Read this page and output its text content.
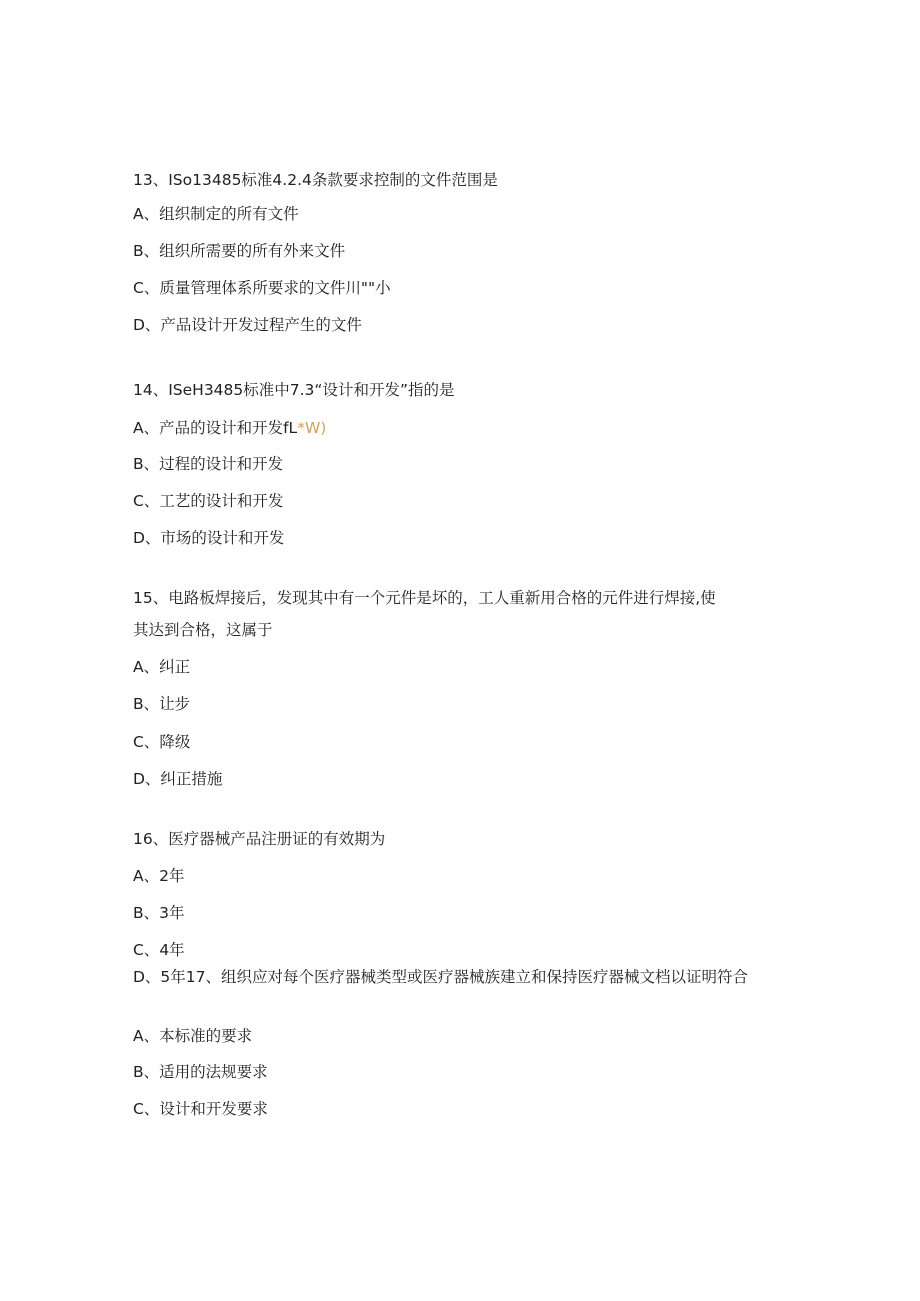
13、ISo13485标准4.2.4条款要求控制的文件范围是
A、组织制定的所有文件
B、组织所需要的所有外来文件
C、质量管理体系所要求的文件川""小
D、产品设计开发过程产生的文件
14、ISeH3485标准中7.3“设计和开发”指的是
A、产品的设计和开发fL*W)
B、过程的设计和开发
C、工艺的设计和开发
D、市场的设计和开发
15、电路板焊接后，发现其中有一个元件是坏的，工人重新用合格的元件进行焊接,使
其达到合格，这属于
A、纠正
B、让步
C、降级
D、纠正措施
16、医疗器械产品注册证的有效期为
A、2年
B、3年
C、4年
D、5年17、组织应对每个医疗器械类型或医疗器械族建立和保持医疗器械文档以证明符合
A、本标准的要求
B、适用的法规要求
C、设计和开发要求
